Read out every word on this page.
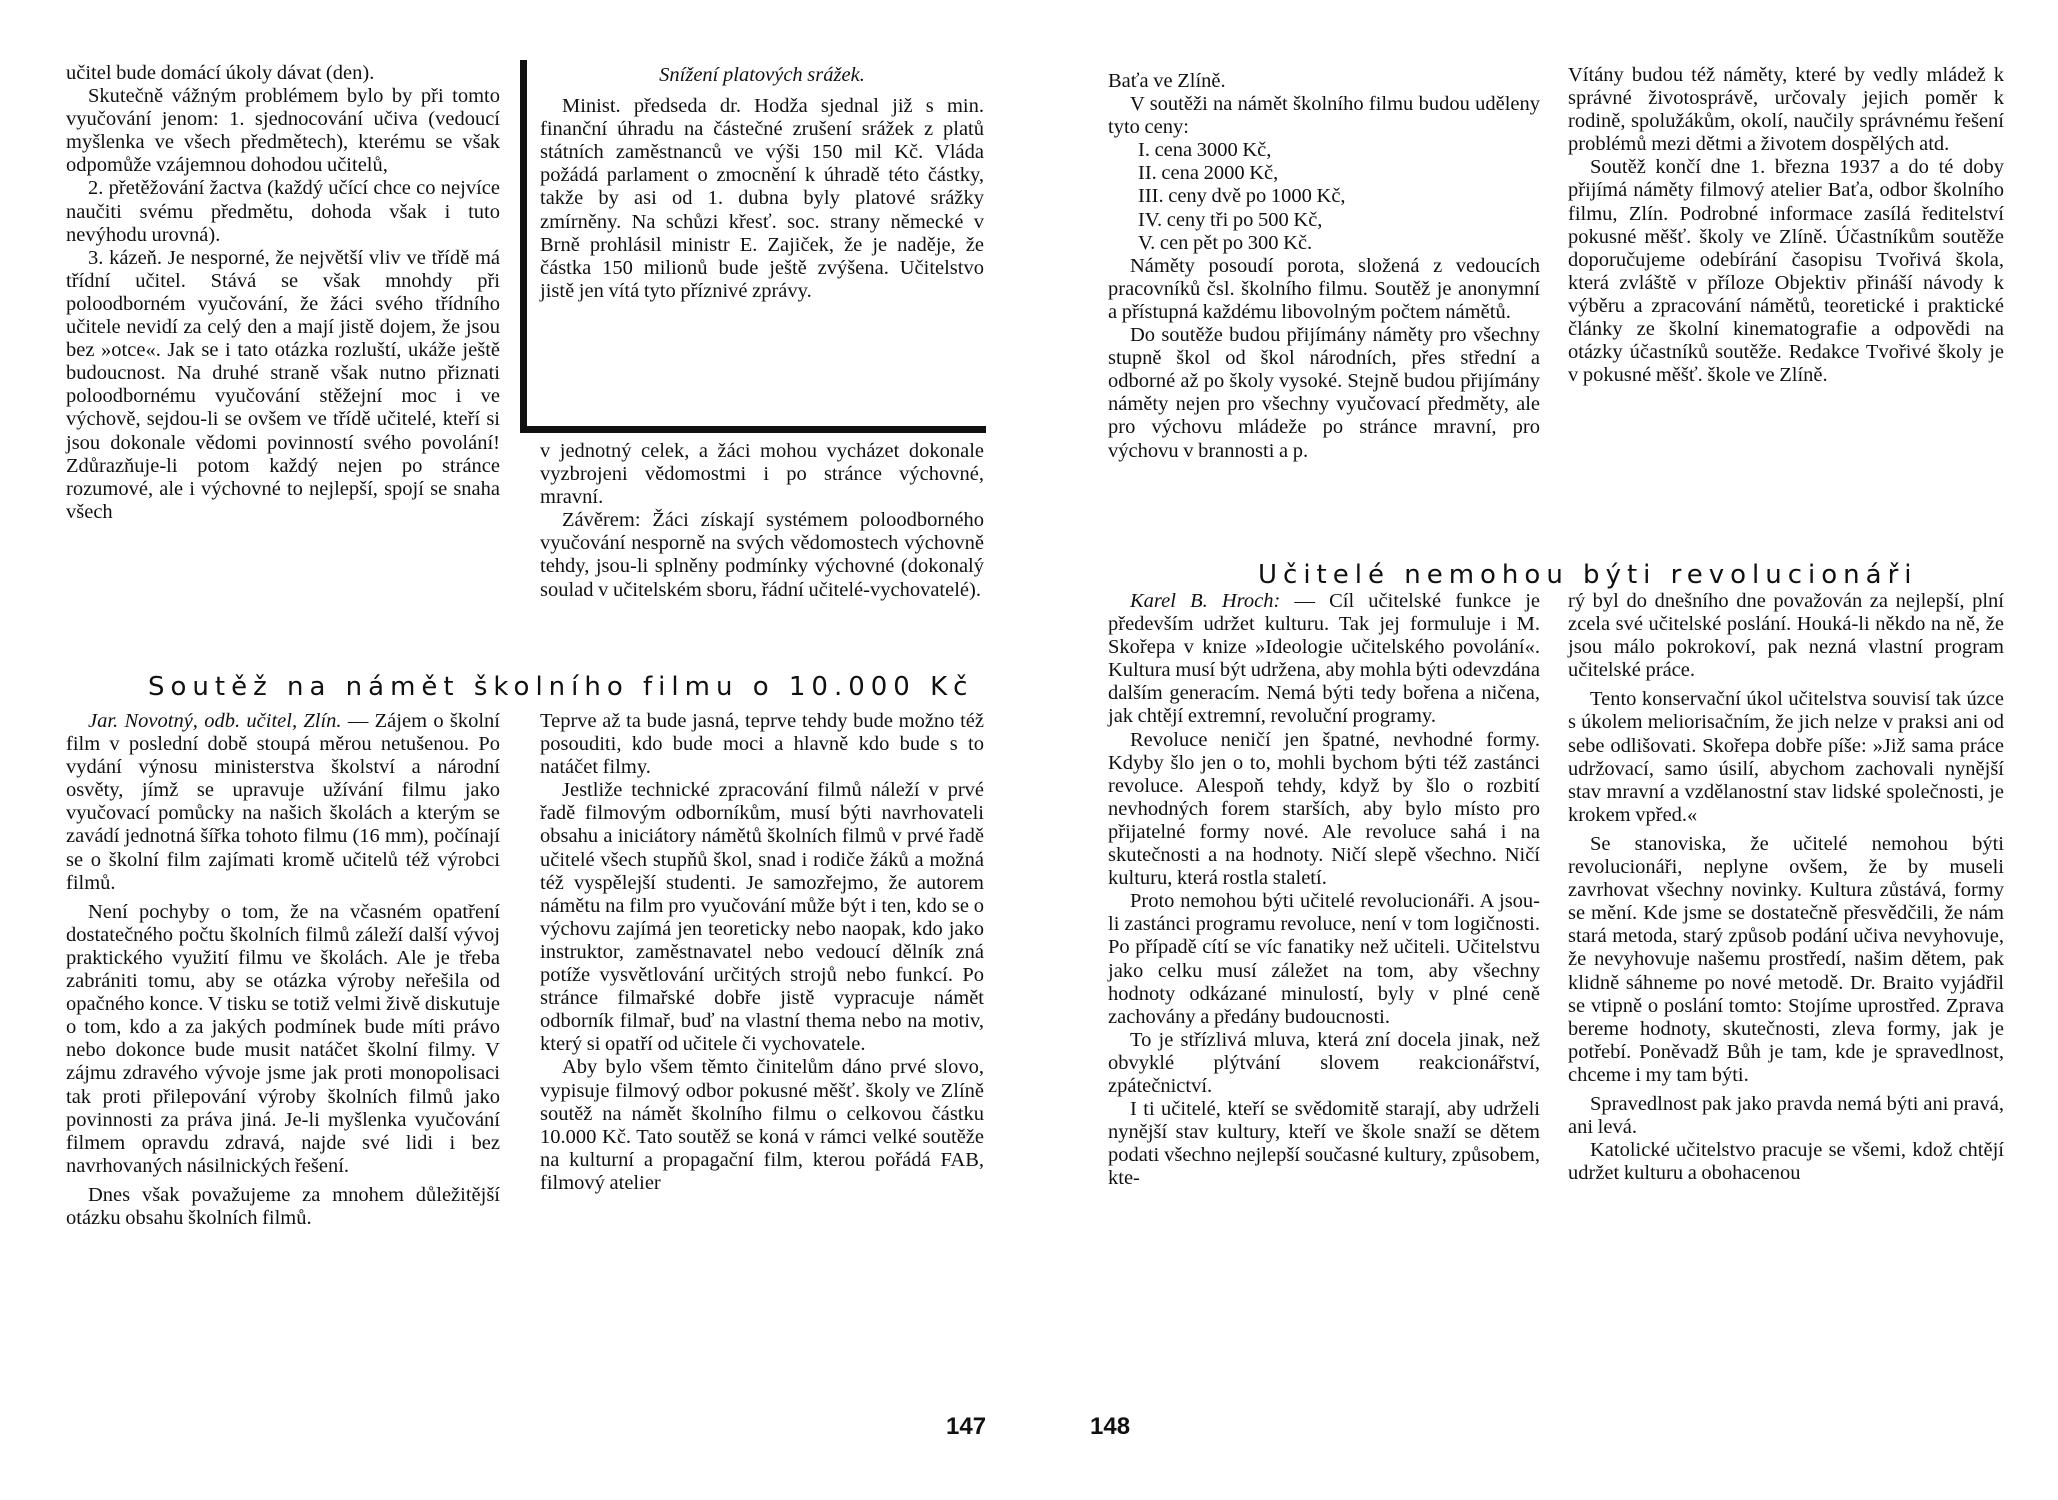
učitel bude domácí úkoly dávat (den).

Skutečně vážným problémem bylo by při tomto vyučování jenom: 1. sjednocování učiva (vedoucí myšlenka ve všech předmětech), kterému se však odpomůže vzájemnou dohodou učitelů,

2. přetěžování žactva (každý učící chce co nejvíce naučiti svému předmětu, dohoda však i tuto nevýhodu urovná).

3. kázeň. Je nesporné, že největší vliv ve třídě má třídní učitel. Stává se však mnohdy při poloodborném vyučování, že žáci svého třídního učitele nevidí za celý den a mají jistě dojem, že jsou bez »otce«. Jak se i tato otázka rozluští, ukáže ještě budoucnost. Na druhé straně však nutno přiznati poloodbornému vyučování stěžejní moc i ve výchově, sejdou-li se ovšem ve třídě učitelé, kteří si jsou dokonale vědomi povinností svého povolání! Zdůrazňuje-li potom každý nejen po stránce rozumové, ale i výchovné to nejlepší, spojí se snaha všech

Snížení platových srážek.

Minist. předseda dr. Hodža sjednal již s min. finanční úhradu na částečné zrušení srážek z platů státních zaměstnanců ve výši 150 mil Kč. Vláda požádá parlament o zmocnění k úhradě této částky, takže by asi od 1. dubna byly platové srážky zmírněny. Na schůzi křesť. soc. strany německé v Brně prohlásil ministr E. Zajiček, že je naděje, že částka 150 milionů bude ještě zvýšena. Učitelstvo jistě jen vítá tyto příznivé zprávy.

v jednotný celek, a žáci mohou vycházet dokonale vyzbrojeni vědomostmi i po stránce výchovné, mravní.

Závěrem: Žáci získají systémem poloodborného vyučování nesporně na svých vědomostech výchovně tehdy, jsou-li splněny podmínky výchovné (dokonalý soulad v učitelském sboru, řádní učitelé-vychovatelé).

Soutěž na námět školního filmu o 10.000 Kč

Jar. Novotný, odb. učitel, Zlín. — Zájem o školní film v poslední době stoupá měrou netušenou. Po vydání výnosu ministerstva školství a národní osvěty, jímž se upravuje užívání filmu jako vyučovací pomůcky na našich školách a kterým se zavádí jednotná šířka tohoto filmu (16 mm), počínají se o školní film zajímati kromě učitelů též výrobci filmů.

Není pochyby o tom, že na včasném opatření dostatečného počtu školních filmů záleží další vývoj praktického využití filmu ve školách. Ale je třeba zabrániti tomu, aby se otázka výroby neřešila od opačného konce. V tisku se totiž velmi živě diskutuje o tom, kdo a za jakých podmínek bude míti právo nebo dokonce bude musit natáčet školní filmy. V zájmu zdravého vývoje jsme jak proti monopolisaci tak proti přilepování výroby školních filmů jako povinnosti za práva jiná. Je-li myšlenka vyučování filmem opravdu zdravá, najde své lidi i bez navrhovaných násilnických řešení.

Dnes však považujeme za mnohem důležitější otázku obsahu školních filmů.

Teprve až ta bude jasná, teprve tehdy bude možno též posouditi, kdo bude moci a hlavně kdo bude s to natáčet filmy.

Jestliže technické zpracování filmů náleží v prvé řadě filmovým odborníkům, musí býti navrhovateli obsahu a iniciátory námětů školních filmů v prvé řadě učitelé všech stupňů škol, snad i rodiče žáků a možná též vyspělejší studenti. Je samozřejmo, že autorem námětu na film pro vyučování může být i ten, kdo se o výchovu zajímá jen teoreticky nebo naopak, kdo jako instruktor, zaměstnavatel nebo vedoucí dělník zná potíže vysvětlování určitých strojů nebo funkcí. Po stránce filmařské dobře jistě vypracuje námět odborník filmař, buď na vlastní thema nebo na motiv, který si opatří od učitele či vychovatele.

Aby bylo všem těmto činitelům dáno prvé slovo, vypisuje filmový odbor pokusné měšť. školy ve Zlíně soutěž na námět školního filmu o celkovou částku 10.000 Kč. Tato soutěž se koná v rámci velké soutěže na kulturní a propagační film, kterou pořádá FAB, filmový atelier

147

Baťa ve Zlíně.

V soutěži na námět školního filmu budou uděleny tyto ceny:

I. cena 3000 Kč,

II. cena 2000 Kč,

III. ceny dvě po 1000 Kč,

IV. ceny tři po 500 Kč,

V. cen pět po 300 Kč.

Náměty posoudí porota, složená z vedoucích pracovníků čsl. školního filmu. Soutěž je anonymní a přístupná každému libovolným počtem námětů.

Do soutěže budou přijímány náměty pro všechny stupně škol od škol národních, přes střední a odborné až po školy vysoké. Stejně budou přijímány náměty nejen pro všechny vyučovací předměty, ale pro výchovu mládeže po stránce mravní, pro výchovu v brannosti a p.

Vítány budou též náměty, které by vedly mládež k správné životosprávě, určovaly jejich poměr k rodině, spolužákům, okolí, naučily správnému řešení problémů mezi dětmi a životem dospělých atd.

Soutěž končí dne 1. března 1937 a do té doby přijímá náměty filmový atelier Baťa, odbor školního filmu, Zlín. Podrobné informace zasílá ředitelství pokusné měšť. školy ve Zlíně. Účastníkům soutěže doporučujeme odebírání časopisu Tvořivá škola, která zvláště v příloze Objektiv přináší návody k výběru a zpracování námětů, teoretické i praktické články ze školní kinematografie a odpovědi na otázky účastníků soutěže. Redakce Tvořivé školy je v pokusné měšť. škole ve Zlíně.

Učitelé nemohou býti revolucionáři

Karel B. Hroch: — Cíl učitelské funkce je především udržet kulturu. Tak jej formuluje i M. Skořepa v knize »Ideologie učitelského povolání«. Kultura musí být udržena, aby mohla býti odevzdána dalším generacím. Nemá býti tedy bořena a ničena, jak chtějí extremní, revoluční programy.

Revoluce neničí jen špatné, nevhodné formy. Kdyby šlo jen o to, mohli bychom býti též zastánci revoluce. Alespoň tehdy, když by šlo o rozbití nevhodných forem starších, aby bylo místo pro přijatelné formy nové. Ale revoluce sahá i na skutečnosti a na hodnoty. Ničí slepě všechno. Ničí kulturu, která rostla staletí.

Proto nemohou býti učitelé revolucionáři. A jsou-li zastánci programu revoluce, není v tom logičnosti. Po případě cítí se víc fanatiky než učiteli. Učitelstvu jako celku musí záležet na tom, aby všechny hodnoty odkázané minulostí, byly v plné ceně zachovány a předány budoucnosti.

To je střízlivá mluva, která zní docela jinak, než obvyklé plýtvání slovem reakcionářství, zpátečnictví.

I ti učitelé, kteří se svědomitě starají, aby udrželi nynější stav kultury, kteří ve škole snaží se dětem podati všechno nejlepší současné kultury, způsobem, kte-

rý byl do dnešního dne považován za nejlepší, plní zcela své učitelské poslání. Houká-li někdo na ně, že jsou málo pokrokoví, pak nezná vlastní program učitelské práce.

Tento konservační úkol učitelstva souvisí tak úzce s úkolem meliorisačním, že jich nelze v praksi ani od sebe odlišovati. Skořepa dobře píše: »Již sama práce udržovací, samo úsilí, abychom zachovali nynější stav mravní a vzdělanostní stav lidské společnosti, je krokem vpřed.«

Se stanoviska, že učitelé nemohou býti revolucionáři, neplyne ovšem, že by museli zavrhovat všechny novinky. Kultura zůstává, formy se mění. Kde jsme se dostatečně přesvědčili, že nám stará metoda, starý způsob podání učiva nevyhovuje, že nevyhovuje našemu prostředí, našim dětem, pak klidně sáhneme po nové metodě. Dr. Braito vyjádřil se vtipně o poslání tomto: Stojíme uprostřed. Zprava bereme hodnoty, skutečnosti, zleva formy, jak je potřebí. Poněvadž Bůh je tam, kde je spravedlnost, chceme i my tam býti.

Spravedlnost pak jako pravda nemá býti ani pravá, ani levá.

Katolické učitelstvo pracuje se všemi, kdož chtějí udržet kulturu a obohacenou

148
